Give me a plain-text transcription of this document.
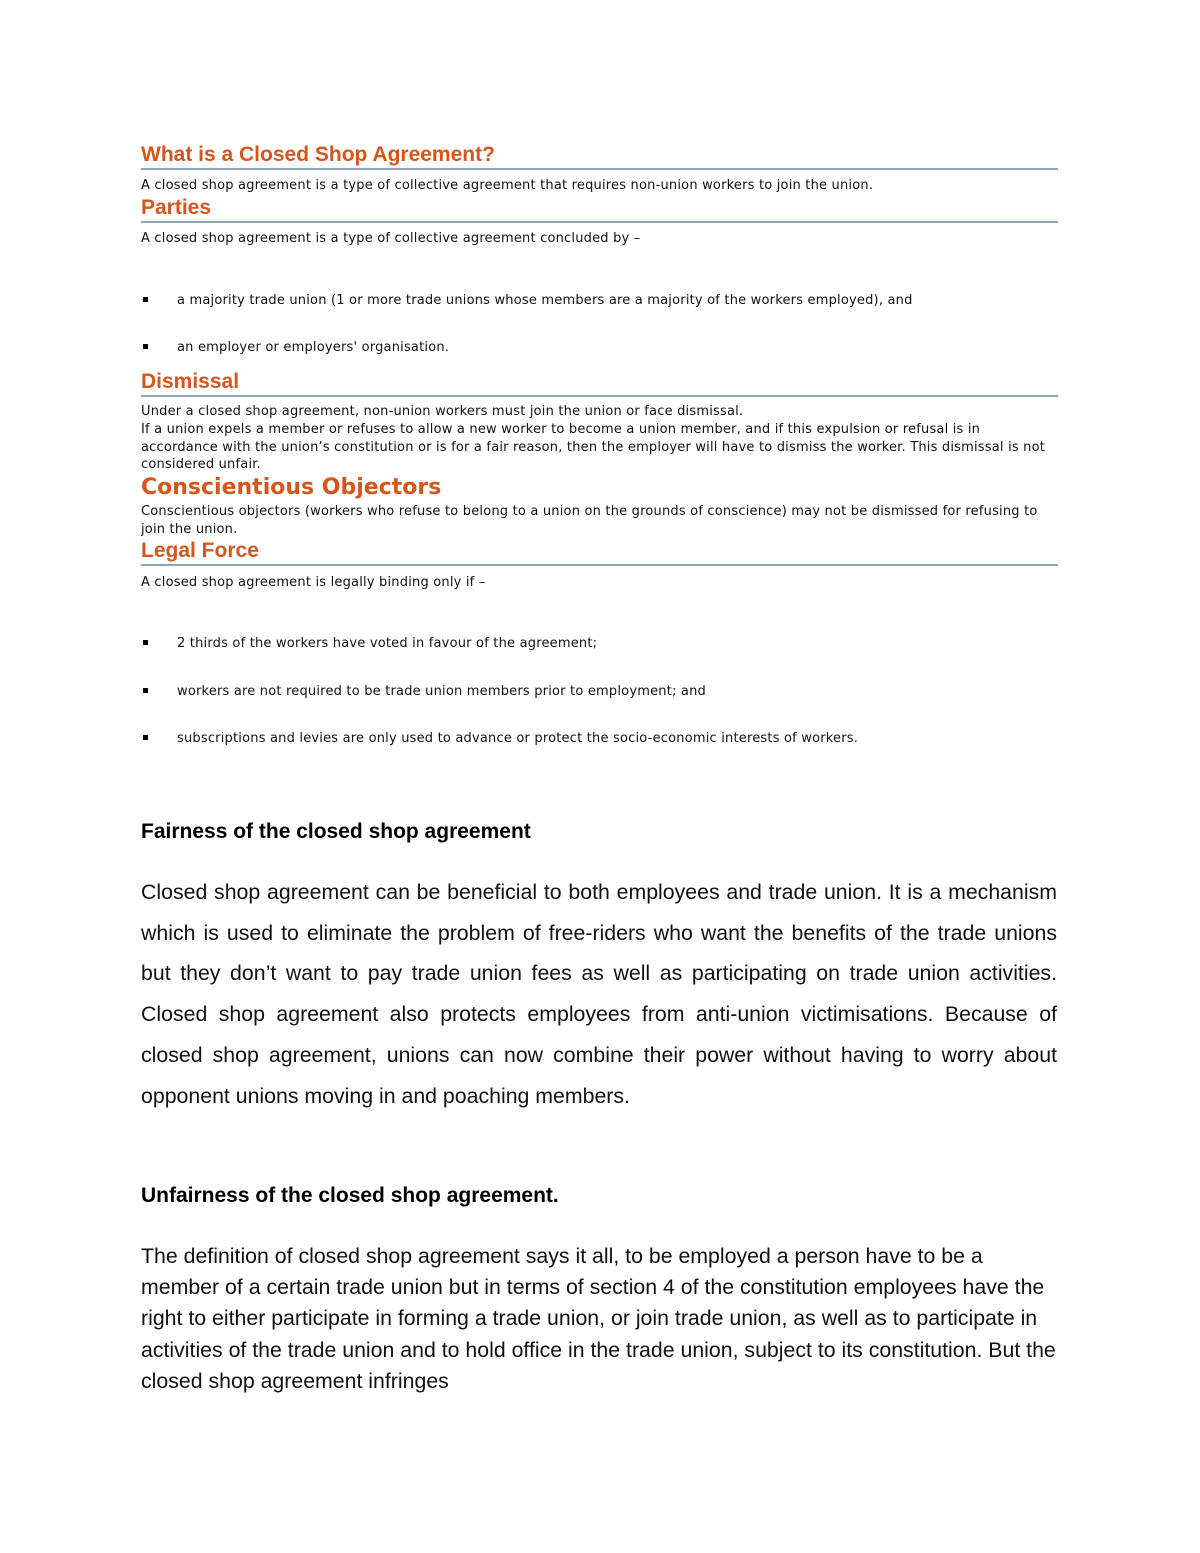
What is a Closed Shop Agreement?
A closed shop agreement is a type of collective agreement that requires non-union workers to join the union.
Parties
A closed shop agreement is a type of collective agreement concluded by –
a majority trade union (1 or more trade unions whose members are a majority of the workers employed), and
an employer or employers' organisation.
Dismissal
Under a closed shop agreement, non-union workers must join the union or face dismissal.
If a union expels a member or refuses to allow a new worker to become a union member, and if this expulsion or refusal is in accordance with the union’s constitution or is for a fair reason, then the employer will have to dismiss the worker. This dismissal is not considered unfair.
Conscientious Objectors
Conscientious objectors (workers who refuse to belong to a union on the grounds of conscience) may not be dismissed for refusing to join the union.
Legal Force
A closed shop agreement is legally binding only if –
2 thirds of the workers have voted in favour of the agreement;
workers are not required to be trade union members prior to employment; and
subscriptions and levies are only used to advance or protect the socio-economic interests of workers.
Fairness of the closed shop agreement
Closed shop agreement can be beneficial to both employees and trade union. It is a mechanism which is used to eliminate the problem of free-riders who want the benefits of the trade unions but they don’t want to pay trade union fees as well as participating on trade union activities. Closed shop agreement also protects employees from anti-union victimisations. Because of closed shop agreement, unions can now combine their power without having to worry about opponent unions moving in and poaching members.
Unfairness of the closed shop agreement.
The definition of closed shop agreement says it all, to be employed a person have to be a member of a certain trade union but in terms of section 4 of the constitution employees have the right to either participate in forming a trade union, or join trade union, as well as to participate in activities of the trade union and to hold office in the trade union, subject to its constitution. But the closed shop agreement infringes
